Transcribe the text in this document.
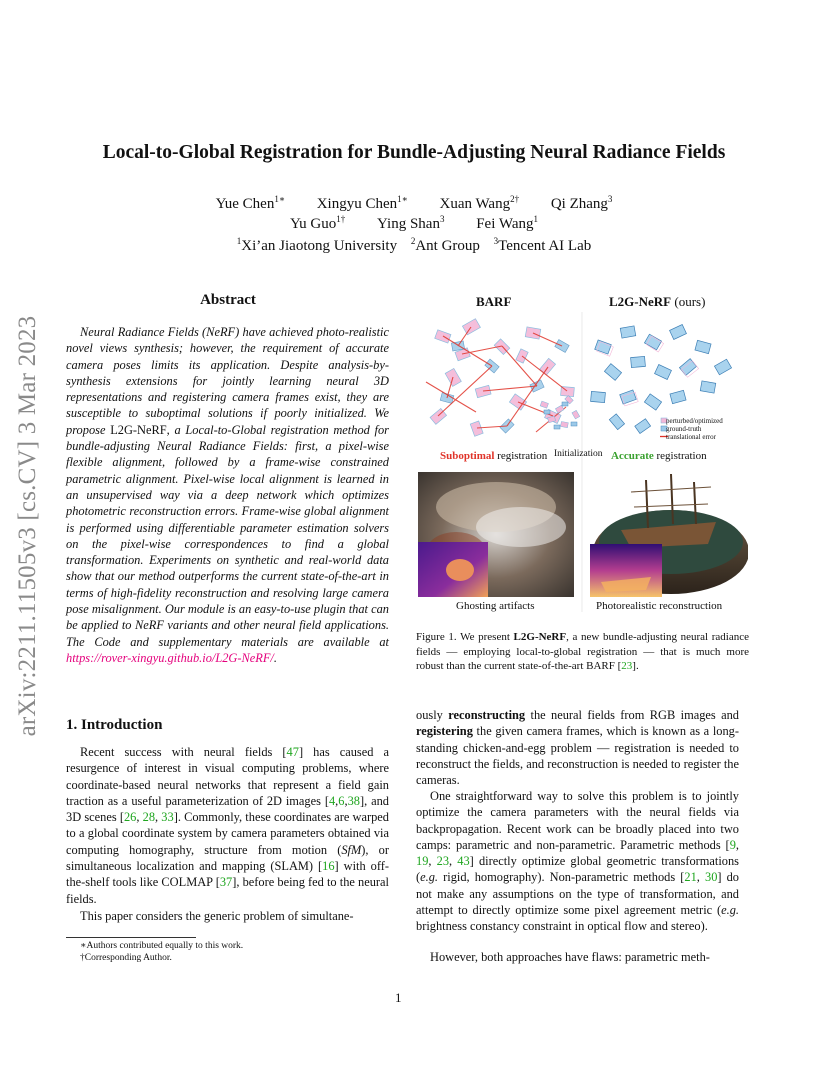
arXiv:2211.11505v3 [cs.CV] 3 Mar 2023
Local-to-Global Registration for Bundle-Adjusting Neural Radiance Fields
Yue Chen$^{1∗}$ Xingyu Chen$^{1∗}$ Xuan Wang$^{2\dagger}$ Qi Zhang$^3$
Yu Guo$^{1\dagger}$ Ying Shan$^3$ Fei Wang$^1$
$^1$Xi’an Jiaotong University $^2$Ant Group $^3$Tencent AI Lab
Abstract
Neural Radiance Fields (NeRF) have achieved photo-realistic novel views synthesis; however, the requirement of accurate camera poses limits its application. Despite analysis-by-synthesis extensions for jointly learning neural 3D representations and registering camera frames exist, they are susceptible to suboptimal solutions if poorly initialized. We propose L2G-NeRF, a Local-to-Global registration method for bundle-adjusting Neural Radiance Fields: first, a pixel-wise flexible alignment, followed by a frame-wise constrained parametric alignment. Pixel-wise local alignment is learned in an unsupervised way via a deep network which optimizes photometric reconstruction errors. Frame-wise global alignment is performed using differentiable parameter estimation solvers on the pixel-wise correspondences to find a global transformation. Experiments on synthetic and real-world data show that our method outperforms the current state-of-the-art in terms of high-fidelity reconstruction and resolving large camera pose misalignment. Our module is an easy-to-use plugin that can be applied to NeRF variants and other neural field applications. The Code and supplementary materials are available at https://rover-xingyu.github.io/L2G-NeRF/.
1. Introduction
Recent success with neural fields [47] has caused a resurgence of interest in visual computing problems, where coordinate-based neural networks that represent a field gain traction as a useful parameterization of 2D images [4,6,38], and 3D scenes [26, 28, 33]. Commonly, these coordinates are warped to a global coordinate system by camera parameters obtained via computing homography, structure from motion (SfM), or simultaneous localization and mapping (SLAM) [16] with off-the-shelf tools like COLMAP [37], before being fed to the neural fields.
This paper considers the generic problem of simultane-
∗Authors contributed equally to this work.
†Corresponding Author.
1
BARF	L2G-NeRF (ours)
perturbed/optimized
ground-truth
translational error
Suboptimal registration Initialization Accurate registration
Ghosting artifacts	Photorealistic reconstruction
Figure 1. We present L2G-NeRF, a new bundle-adjusting neural radiance fields — employing local-to-global registration — that is much more robust than the current state-of-the-art BARF [23].
ously reconstructing the neural fields from RGB images and registering the given camera frames, which is known as a long-standing chicken-and-egg problem — registration is needed to reconstruct the fields, and reconstruction is needed to register the cameras.
One straightforward way to solve this problem is to jointly optimize the camera parameters with the neural fields via backpropagation. Recent work can be broadly placed into two camps: parametric and non-parametric. Parametric methods [9, 19, 23, 43] directly optimize global geometric transformations (e.g. rigid, homography). Non-parametric methods [21, 30] do not make any assumptions on the type of transformation, and attempt to directly optimize some pixel agreement metric (e.g. brightness constancy constraint in optical flow and stereo).
However, both approaches have flaws: parametric meth-
